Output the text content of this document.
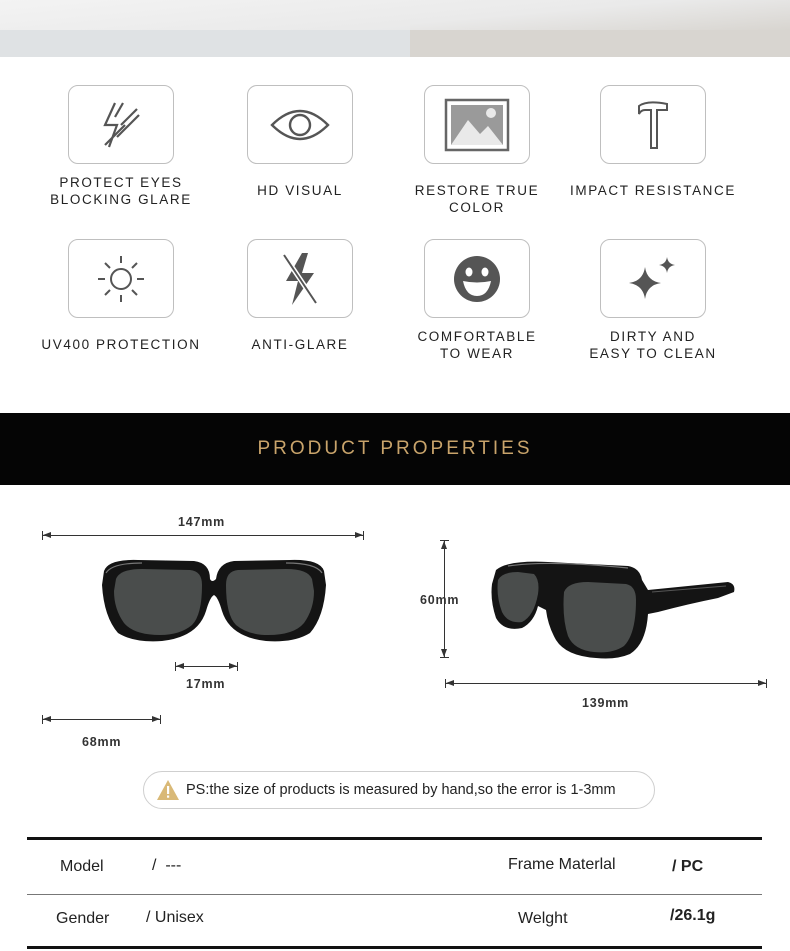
PROTECT EYES
BLOCKING GLARE
HD VISUAL	RESTORE TRUE COLOR
IMPACT RESISTANCE
UV400 PROTECTION	ANTI-GLARE
COMFORTABLE
TO WEAR
DIRTY AND
EASY TO CLEAN
PRODUCT PROPERTIES
147mm
17mm
68mm
60mm
139mm
PS:the size of products is measured by hand,so the error is 1-3mm
Model	/  ---	Frame Materlal	/ PC
Gender / Unisex	Welght	/26.1g
